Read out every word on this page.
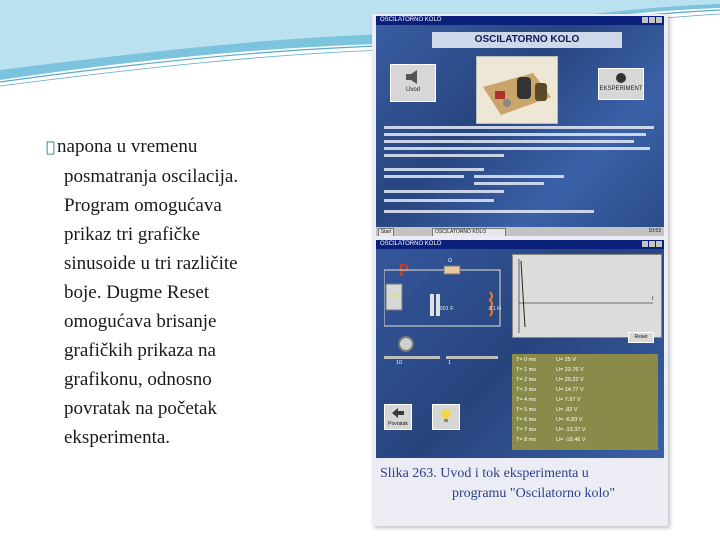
napona u vremenu
posmatranja oscilacija.
Program omogućava
prikaz tri grafičke
sinusoide u tri različite
boje. Dugme Reset
omogućava brisanje
grafičkih prikaza na
grafikonu, odnosno
povratak na početak
eksperimenta.
OSCILATORNO KOLO
OSCILATORNO KOLO
Uvod	EKSPERIMENT
Start	OSCILATORNO KOLO	10:53
OSCILATORNO KOLO
P	Ω
25V
.001 F	.01 H
10	1
t
Reset
T= 0 ms	U= 25 V
T= 1 ms	U= 23.76 V
T= 2 ms	U= 20.22 V
T= 3 ms	U= 14.77 V
T= 4 ms	U= 7.97 V
T= 5 ms	U= .82 V
T= 6 ms	U= -6.83 V
T= 7 ms	U= -13.37 V
T= 8 ms	U= -18.46 V
Povratak
Slika 263. Uvod i tok eksperimenta u
programu "Oscilatorno kolo"
